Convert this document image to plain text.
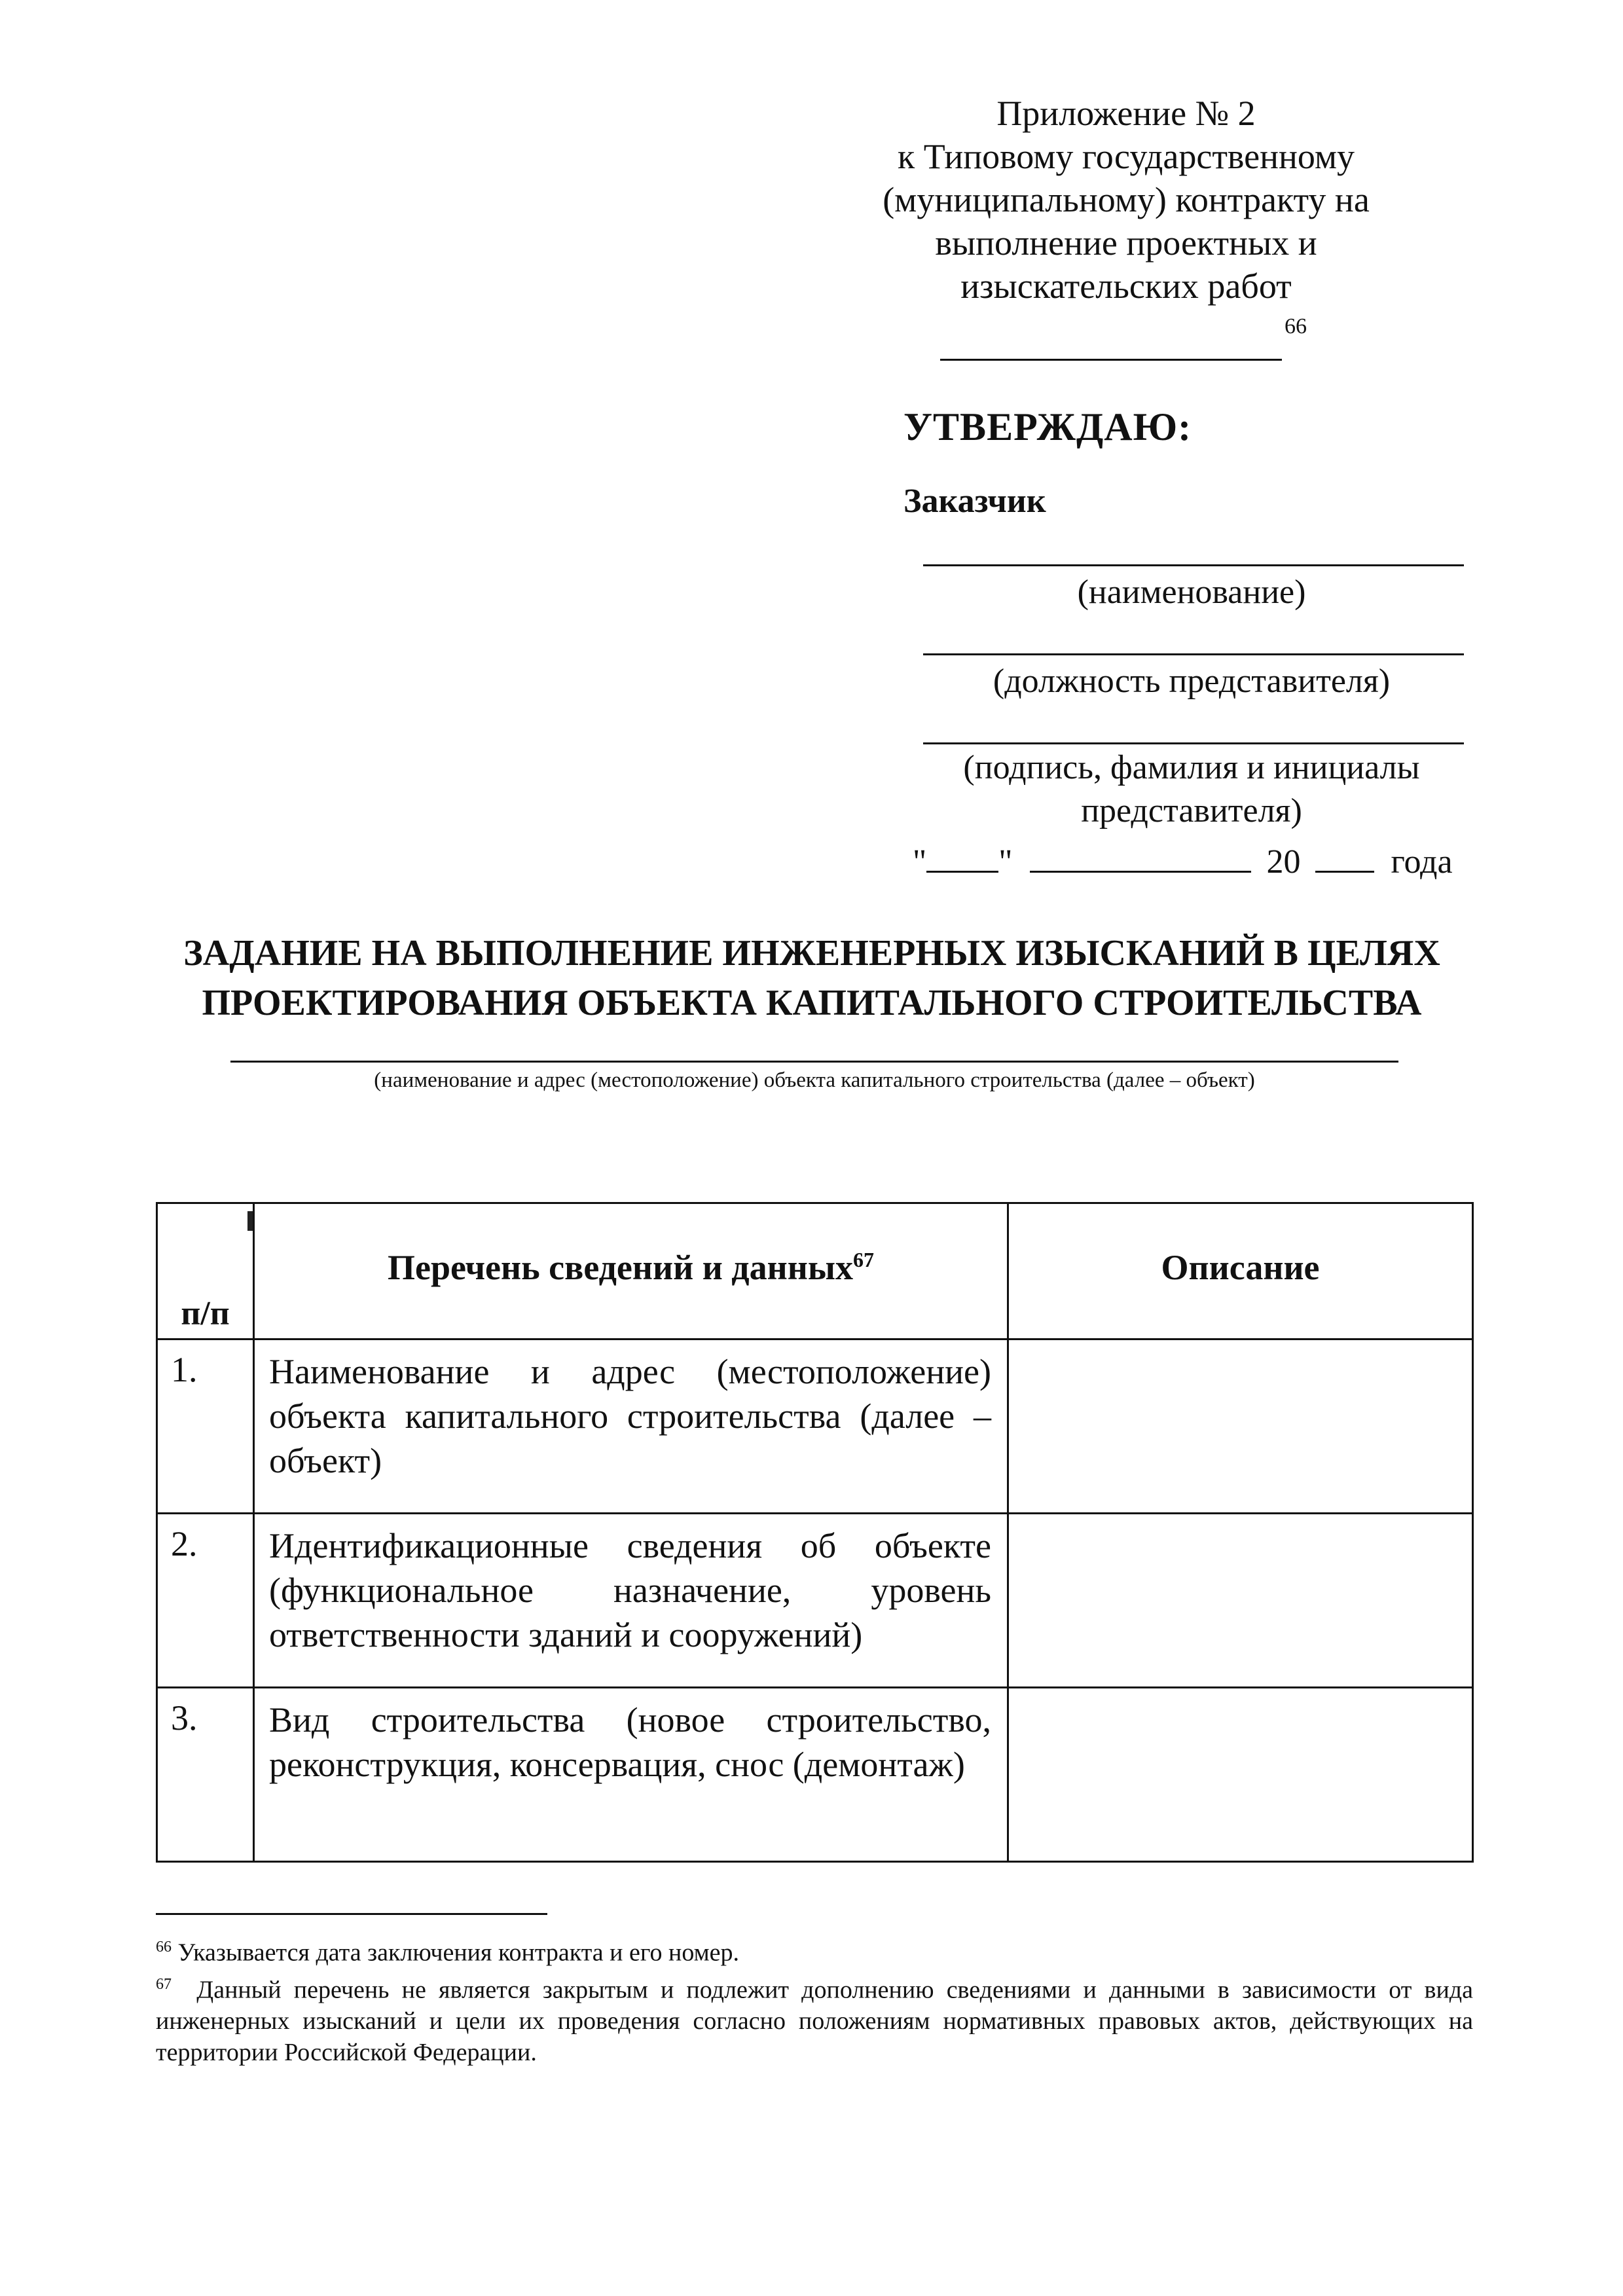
Приложение № 2
к Типовому государственному
(муниципальному) контракту на
выполнение проектных и
изыскательских работ
66
УТВЕРЖДАЮ:
Заказчик
(наименование)
(должность представителя)
(подпись, фамилия и инициалы
представителя)
" "	20	года
ЗАДАНИЕ НА ВЫПОЛНЕНИЕ ИНЖЕНЕРНЫХ ИЗЫСКАНИЙ В ЦЕЛЯХ
ПРОЕКТИРОВАНИЯ ОБЪЕКТА КАПИТАЛЬНОГО СТРОИТЕЛЬСТВА
(наименование и адрес (местоположение) объекта капитального строительства (далее – объект)
п/п	Перечень сведений и данных$^{67}$	Описание
1.	Наименование и адрес (местоположение) объекта капитального строительства (далее – объект)	
2.	Идентификационные сведения об объекте (функциональное назначение, уровень ответственности зданий и сооружений)	
3.	Вид строительства (новое строительство, реконструкция, консервация, снос (демонтаж)	

$^{66}$ Указывается дата заключения контракта и его номер.

$^{67}$ Данный перечень не является закрытым и подлежит дополнению сведениями и данными в зависимости от вида инженерных изысканий и цели их проведения согласно положениям нормативных правовых актов, действующих на территории Российской Федерации.
